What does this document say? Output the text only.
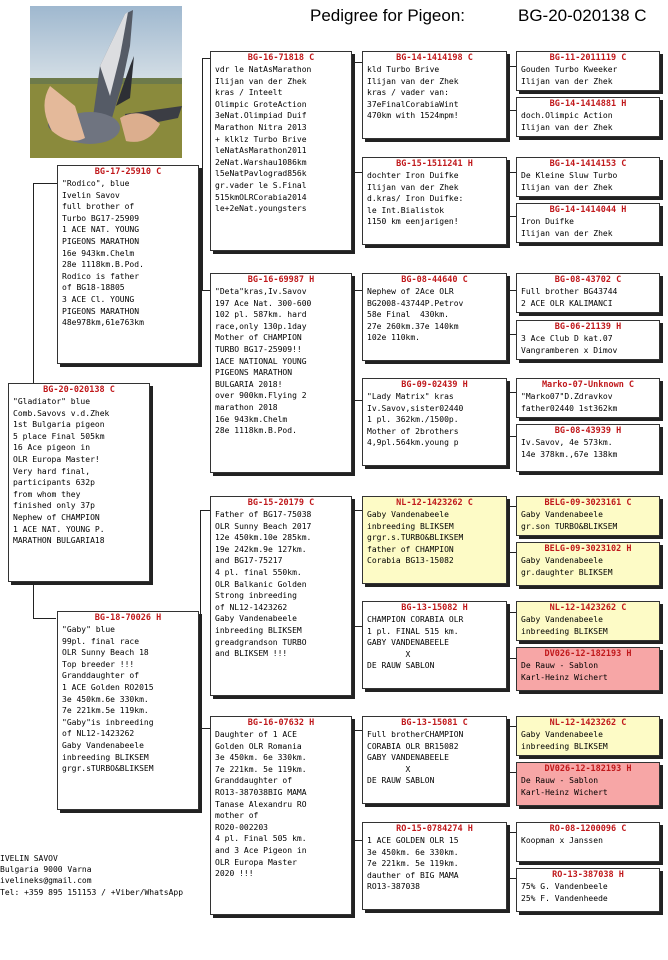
Pedigree for Pigeon:	BG-20-020138 C
BG-20-020138 C
"Gladiator" blue
Comb.Savovs v.d.Zhek
1st Bulgaria pigeon
5 place Final 505km
16 Ace pigeon in
OLR Europa Master!
Very hard final,
participants 632p
from whom they
finished only 37p
Nephew of CHAMPION
1 ACE NAT. YOUNG P.
MARATHON BULGARIA18
BG-17-25910 C
"Rodico", blue
Ivelin Savov
full brother of
Turbo BG17-25909
1 ACE NAT. YOUNG
PIGEONS MARATHON
16e 943km.Chelm
28e 1118km.B.Pod.
Rodico is father
of BG18-18805
3 ACE Cl. YOUNG
PIGEONS MARATHON
48e978km,61e763km
BG-18-70026 H
"Gaby" blue
99pl. final race
OLR Sunny Beach 18
Top breeder !!!
Granddaughter of
1 ACE Golden RO2015
3e 450km.6e 330km.
7e 221km.5e 119km.
"Gaby"is inbreeding
of NL12-1423262
Gaby Vandenabeele
inbreeding BLIKSEM
grgr.sTURBO&BLIKSEM
BG-16-71818 C
vdr le NatAsMarathon
Ilijan van der Zhek
kras / Inteelt
Olimpic GroteAction
3eNat.Olimpiad Duif
Marathon Nitra 2013
+ klklz Turbo Brive
leNatAsMarathon2011
2eNat.Warshau1086km
l5eNatPavlograd856k
gr.vader le S.Final
515kmOLRCorabia2014
le+2eNat.youngsters
BG-16-69987 H
"Deta"kras,Iv.Savov
197 Ace Nat. 300-600
102 pl. 587km. hard
race,only 130p.1day
Mother of CHAMPION
TURBO BG17-25909!!
1ACE NATIONAL YOUNG
PIGEONS MARATHON
BULGARIA 2018!
over 900km.Flying 2
marathon 2018
16e 943km.Chelm
28e 1118km.B.Pod.
BG-15-20179 C
Father of BG17-75038
OLR Sunny Beach 2017
12e 450km.10e 285km.
19e 242km.9e 127km.
and BG17-75217
4 pl. final 550km.
OLR Balkanic Golden
Strong inbreeding
of NL12-1423262
Gaby Vandenabeele
inbreeding BLIKSEM
greadgrandson TURBO
and BLIKSEM !!!
BG-16-07632 H
Daughter of 1 ACE
Golden OLR Romania
3e 450km. 6e 330km.
7e 221km. 5e 119km.
Granddaughter of
RO13-387038BIG MAMA
Tanase Alexandru RO
mother of
RO20-002203
4 pl. Final 505 km.
and 3 Ace Pigeon in
OLR Europa Master
2020 !!!
BG-14-1414198 C
kld Turbo Brive
Ilijan van der Zhek
kras / vader van:
37eFinalCorabiaWint
470km with 1524mpm!
BG-15-1511241 H
dochter Iron Duifke
Ilijan van der Zhek
d.kras/ Iron Duifke:
le Int.Bialistok
1150 km eenjarigen!
BG-08-44640 C
Nephew of 2Ace OLR
BG2008-43744P.Petrov
58e Final  430km.
27e 260km.37e 140km
102e 110km.
BG-09-02439 H
"Lady Matrix" kras
Iv.Savov,sister02440
1 pl. 362km./1500p.
Mother of 2brothers
4,9pl.564km.young p
NL-12-1423262 C
Gaby Vandenabeele
inbreeding BLIKSEM
grgr.s.TURBO&BLIKSEM
father of CHAMPION
Corabia BG13-15082
BG-13-15082 H
CHAMPION CORABIA OLR
1 pl. FINAL 515 km.
GABY VANDENABEELE
X
DE RAUW SABLON
BG-13-15081 C
Full brotherCHAMPION
CORABIA OLR BR15082
GABY VANDENABEELE
X
DE RAUW SABLON
RO-15-0784274 H
1 ACE GOLDEN OLR 15
3e 450km. 6e 330km.
7e 221km. 5e 119km.
dauther of BIG MAMA
RO13-387038
BG-11-2011119 C
Gouden Turbo Kweeker
Ilijan van der Zhek
BG-14-1414881 H
doch.Olimpic Action
Ilijan van der Zhek
BG-14-1414153 C
De Kleine Sluw Turbo
Ilijan van der Zhek
BG-14-1414044 H
Iron Duifke
Ilijan van der Zhek
BG-08-43702 C
Full brother BG43744
2 ACE OLR KALIMANCI
BG-06-21139 H
3 Ace Club D kat.07
Vangramberen x Dimov
Marko-07-Unknown C
"Marko07"D.Zdravkov
father02440 1st362km
BG-08-43939 H
Iv.Savov, 4e 573km.
14e 378km.,67e 138km
BELG-09-3023161 C
Gaby Vandenabeele
gr.son TURBO&BLIKSEM
BELG-09-3023102 H
Gaby Vandenabeele
gr.daughter BLIKSEM
NL-12-1423262 C
Gaby Vandenabeele
inbreeding BLIKSEM
DV026-12-182193 H
De Rauw - Sablon
Karl-Heinz Wichert
NL-12-1423262 C
Gaby Vandenabeele
inbreeding BLIKSEM
DV026-12-182193 H
De Rauw - Sablon
Karl-Heinz Wichert
RO-08-1200096 C
Koopman x Janssen
RO-13-387038 H
75% G. Vandenbeele
25% F. Vandenheede
IVELIN SAVOV
Bulgaria 9000 Varna
ivelineks@gmail.com
Tel: +359 895 151153 / +Viber/WhatsApp
